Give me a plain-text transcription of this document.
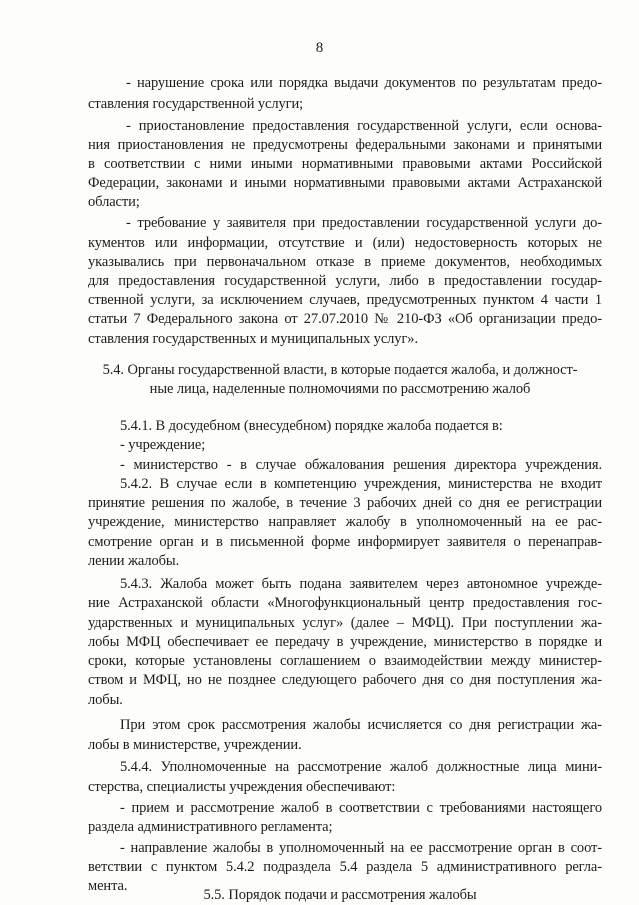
8
- нарушение срока или порядка выдачи документов по результатам предо-
ставления государственной услуги;
- приостановление предоставления государственной услуги, если основа-
ния приостановления не предусмотрены федеральными законами и принятыми
в соответствии с ними иными нормативными правовыми актами Российской
Федерации, законами и иными нормативными правовыми актами Астраханской
области;
- требование у заявителя при предоставлении государственной услуги до-
кументов или информации, отсутствие и (или) недостоверность которых не
указывались при первоначальном отказе в приеме документов, необходимых
для предоставления государственной услуги, либо в предоставлении государ-
ственной услуги, за исключением случаев, предусмотренных пунктом 4 части 1
статьи 7 Федерального закона от 27.07.2010 № 210-ФЗ «Об организации предо-
ставления государственных и муниципальных услуг».
5.4. Органы государственной власти, в которые подается жалоба, и должност-
ные лица, наделенные полномочиями по рассмотрению жалоб
5.4.1. В досудебном (внесудебном) порядке жалоба подается в:
- учреждение;
- министерство - в случае обжалования решения директора учреждения.
5.4.2. В случае если в компетенцию учреждения, министерства не входит
принятие решения по жалобе, в течение 3 рабочих дней со дня ее регистрации
учреждение, министерство направляет жалобу в уполномоченный на ее рас-
смотрение орган и в письменной форме информирует заявителя о перенаправ-
лении жалобы.
5.4.3. Жалоба может быть подана заявителем через автономное учрежде-
ние Астраханской области «Многофункциональный центр предоставления гос-
ударственных и муниципальных услуг» (далее – МФЦ). При поступлении жа-
лобы МФЦ обеспечивает ее передачу в учреждение, министерство в порядке и
сроки, которые установлены соглашением о взаимодействии между министер-
ством и МФЦ, но не позднее следующего рабочего дня со дня поступления жа-
лобы.
При этом срок рассмотрения жалобы исчисляется со дня регистрации жа-
лобы в министерстве, учреждении.
5.4.4. Уполномоченные на рассмотрение жалоб должностные лица мини-
стерства, специалисты учреждения обеспечивают:
- прием и рассмотрение жалоб в соответствии с требованиями настоящего
раздела административного регламента;
- направление жалобы в уполномоченный на ее рассмотрение орган в соот-
ветствии с пунктом 5.4.2 подраздела 5.4 раздела 5 административного регла-
мента.
5.5. Порядок подачи и рассмотрения жалобы
